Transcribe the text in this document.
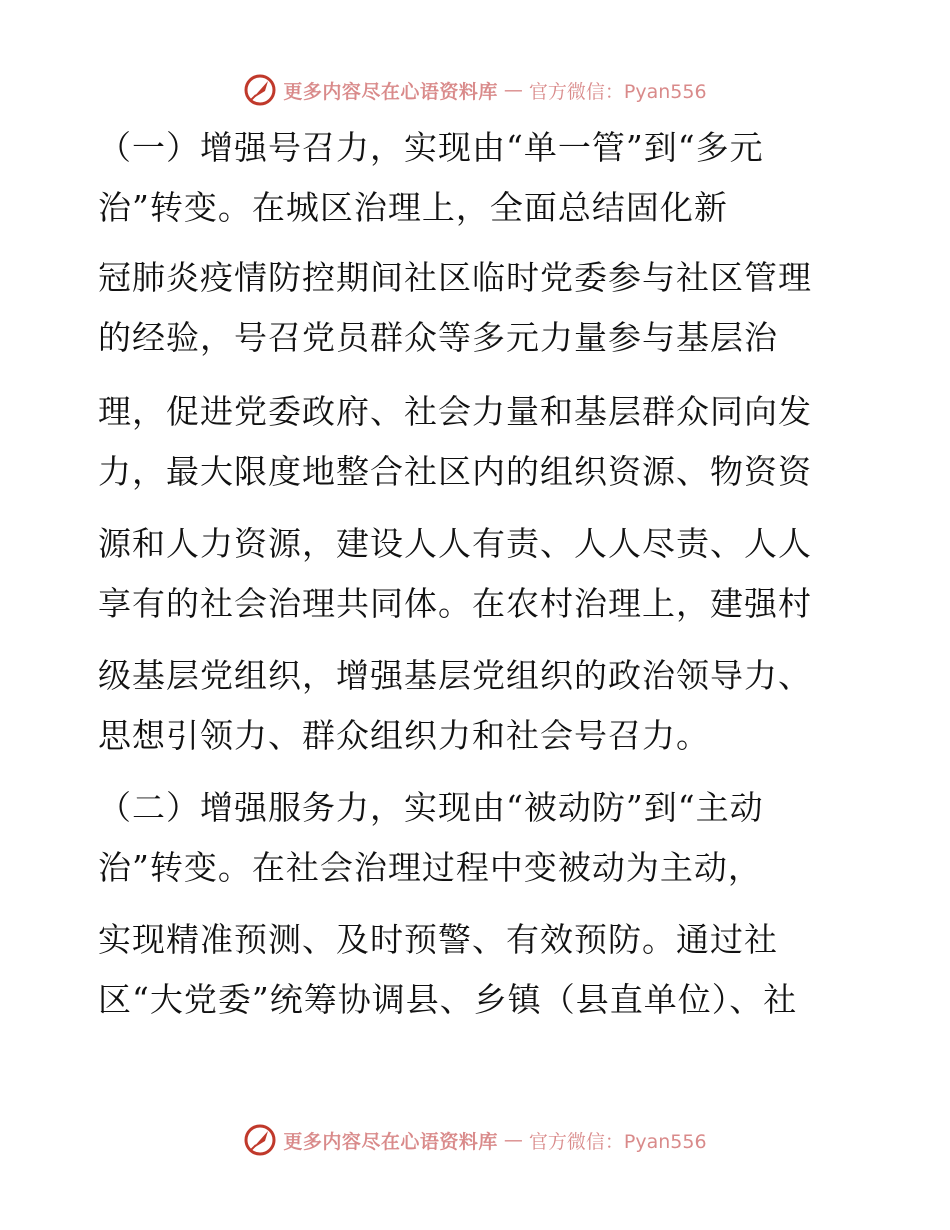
更多内容尽在心语资料库 — 官方微信：Pyan556
（一）增强号召力，实现由“单一管”到“多元
治”转变。在城区治理上，全面总结固化新
冠肺炎疫情防控期间社区临时党委参与社区管理
的经验，号召党员群众等多元力量参与基层治
理，促进党委政府、社会力量和基层群众同向发
力，最大限度地整合社区内的组织资源、物资资
源和人力资源，建设人人有责、人人尽责、人人
享有的社会治理共同体。在农村治理上，建强村
级基层党组织，增强基层党组织的政治领导力、
思想引领力、群众组织力和社会号召力。
（二）增强服务力，实现由“被动防”到“主动
治”转变。在社会治理过程中变被动为主动，
实现精准预测、及时预警、有效预防。通过社
区“大党委”统筹协调县、乡镇（县直单位）、社
更多内容尽在心语资料库 — 官方微信：Pyan556
